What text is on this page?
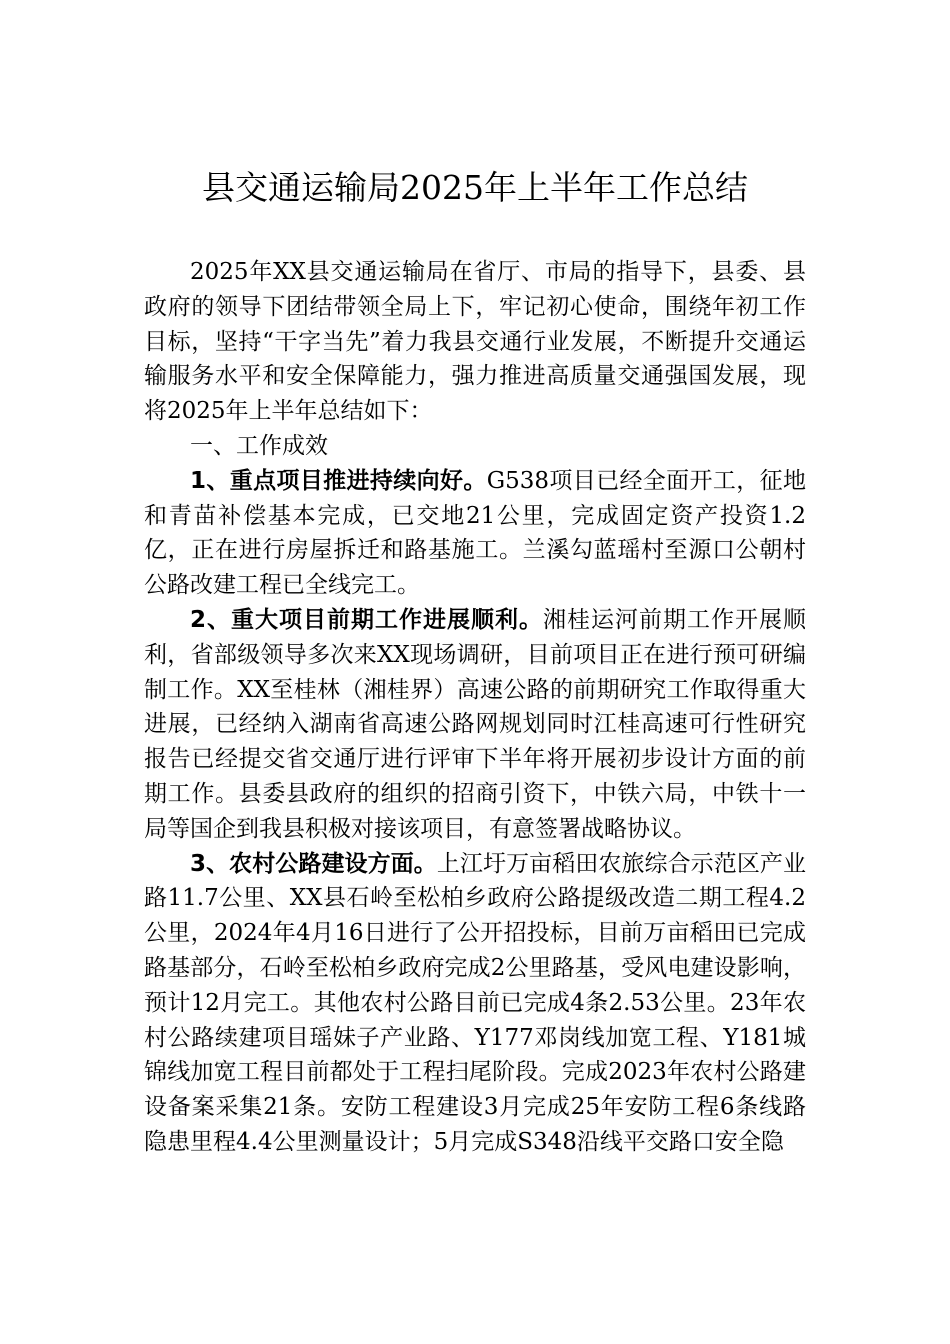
县交通运输局2025年上半年工作总结

2025年XX县交通运输局在省厅、市局的指导下，县委、县政府的领导下团结带领全局上下，牢记初心使命，围绕年初工作目标，坚持“干字当先”着力我县交通行业发展，不断提升交通运输服务水平和安全保障能力，强力推进高质量交通强国发展，现将2025年上半年总结如下：

一、工作成效

1、重点项目推进持续向好。G538项目已经全面开工，征地和青苗补偿基本完成，已交地21公里，完成固定资产投资1.2亿，正在进行房屋拆迁和路基施工。兰溪勾蓝瑶村至源口公朝村公路改建工程已全线完工。

2、重大项目前期工作进展顺利。湘桂运河前期工作开展顺利，省部级领导多次来XX现场调研，目前项目正在进行预可研编制工作。XX至桂林（湘桂界）高速公路的前期研究工作取得重大进展，已经纳入湖南省高速公路网规划同时江桂高速可行性研究报告已经提交省交通厅进行评审下半年将开展初步设计方面的前期工作。县委县政府的组织的招商引资下，中铁六局，中铁十一局等国企到我县积极对接该项目，有意签署战略协议。

3、农村公路建设方面。上江圩万亩稻田农旅综合示范区产业路11.7公里、XX县石岭至松柏乡政府公路提级改造二期工程4.2公里，2024年4月16日进行了公开招投标，目前万亩稻田已完成路基部分，石岭至松柏乡政府完成2公里路基，受风电建设影响，预计12月完工。其他农村公路目前已完成4条2.53公里。23年农村公路续建项目瑶妹子产业路、Y177邓岗线加宽工程、Y181城锦线加宽工程目前都处于工程扫尾阶段。完成2023年农村公路建设备案采集21条。安防工程建设3月完成25年安防工程6条线路隐患里程4.4公里测量设计；5月完成S348沿线平交路口安全隐
